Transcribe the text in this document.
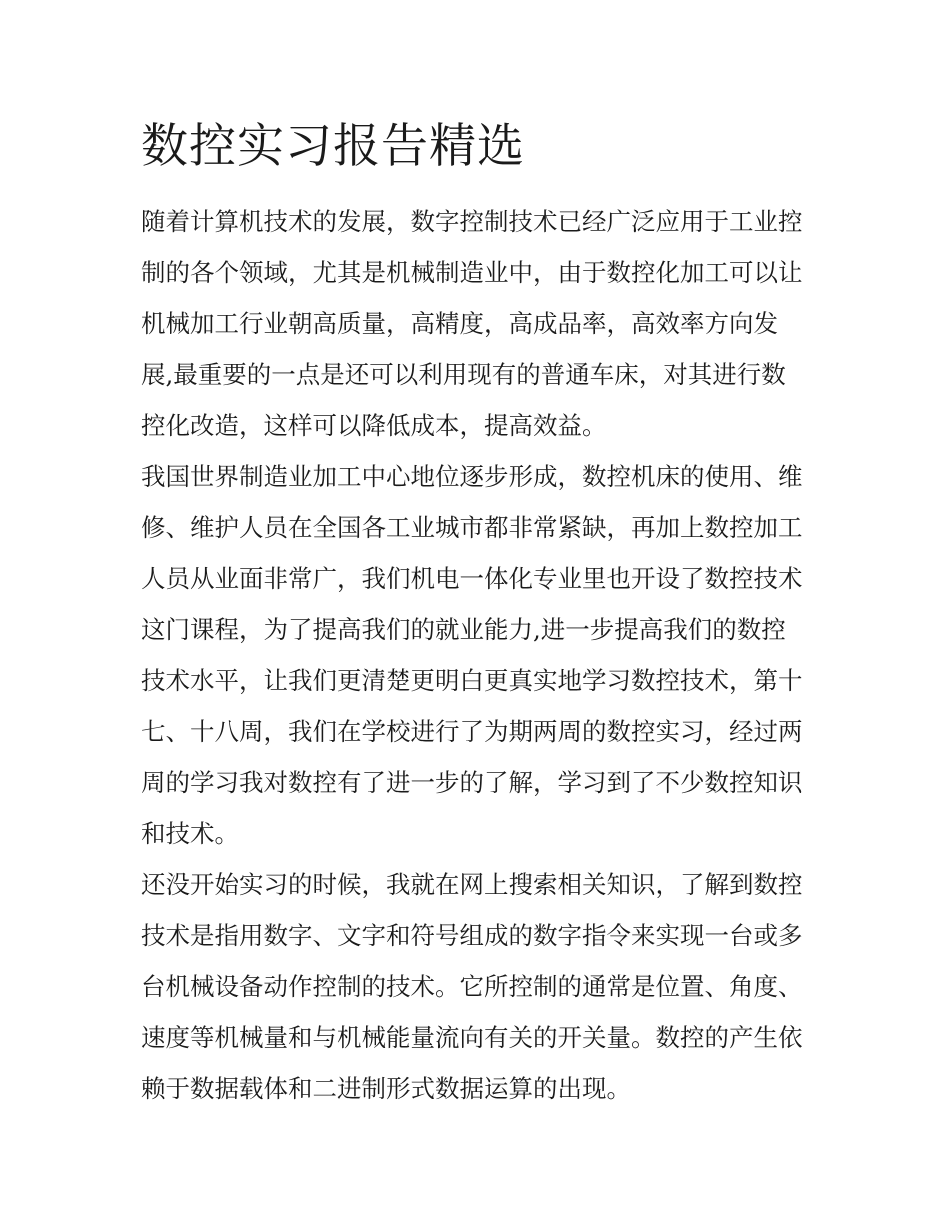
数控实习报告精选
随着计算机技术的发展，数字控制技术已经广泛应用于工业控
制的各个领域，尤其是机械制造业中，由于数控化加工可以让
机械加工行业朝高质量，高精度，高成品率，高效率方向发
展,最重要的一点是还可以利用现有的普通车床，对其进行数
控化改造，这样可以降低成本，提高效益。
我国世界制造业加工中心地位逐步形成，数控机床的使用、维
修、维护人员在全国各工业城市都非常紧缺，再加上数控加工
人员从业面非常广，我们机电一体化专业里也开设了数控技术
这门课程，为了提高我们的就业能力,进一步提高我们的数控
技术水平，让我们更清楚更明白更真实地学习数控技术，第十
七、十八周，我们在学校进行了为期两周的数控实习，经过两
周的学习我对数控有了进一步的了解，学习到了不少数控知识
和技术。
还没开始实习的时候，我就在网上搜索相关知识，了解到数控
技术是指用数字、文字和符号组成的数字指令来实现一台或多
台机械设备动作控制的技术。它所控制的通常是位置、角度、
速度等机械量和与机械能量流向有关的开关量。数控的产生依
赖于数据载体和二进制形式数据运算的出现。
